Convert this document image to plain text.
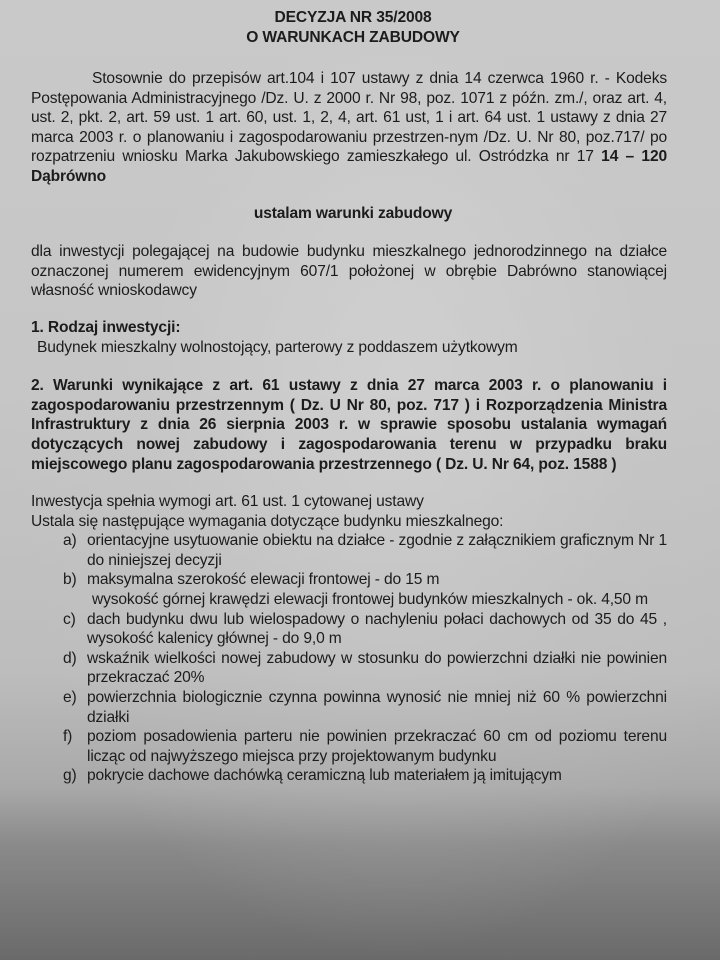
DECYZJA NR 35/2008
O WARUNKACH ZABUDOWY
Stosownie do przepisów art.104 i 107 ustawy z dnia 14 czerwca 1960 r. - Kodeks Postępowania Administracyjnego /Dz. U. z 2000 r. Nr 98, poz. 1071 z późn. zm./, oraz art. 4, ust. 2, pkt. 2, art. 59 ust. 1 art. 60, ust. 1, 2, 4, art. 61 ust, 1 i art. 64 ust. 1 ustawy z dnia 27 marca 2003 r. o planowaniu i zagospodarowaniu przestrzen-nym /Dz. U. Nr 80, poz.717/ po rozpatrzeniu wniosku Marka Jakubowskiego zamieszkałego ul. Ostródzka nr 17 14 – 120 Dąbrówno
ustalam warunki zabudowy
dla inwestycji polegającej na budowie budynku mieszkalnego jednorodzinnego na działce oznaczonej numerem ewidencyjnym 607/1 położonej w obrębie Dabrówno stanowiącej własność wnioskodawcy
1. Rodzaj inwestycji:
Budynek mieszkalny wolnostojący, parterowy z poddaszem użytkowym
2. Warunki wynikające z art. 61 ustawy z dnia 27 marca 2003 r. o planowaniu i zagospodarowaniu przestrzennym ( Dz. U Nr 80, poz. 717 ) i Rozporządzenia Ministra Infrastruktury z dnia 26 sierpnia 2003 r. w sprawie sposobu ustalania wymagań dotyczących nowej zabudowy i zagospodarowania terenu w przypadku braku miejscowego planu zagospodarowania przestrzennego ( Dz. U. Nr 64, poz. 1588 )
Inwestycja spełnia wymogi art. 61 ust. 1 cytowanej ustawy
Ustala się następujące wymagania dotyczące budynku mieszkalnego:
a) orientacyjne usytuowanie obiektu na działce - zgodnie z załącznikiem graficznym Nr 1 do niniejszej decyzji
b) maksymalna szerokość elewacji frontowej - do 15 m
wysokość górnej krawędzi elewacji frontowej budynków mieszkalnych - ok. 4,50 m
c) dach budynku dwu lub wielospadowy o nachyleniu połaci dachowych od 35 do 45 , wysokość kalenicy głównej - do 9,0 m
d) wskaźnik wielkości nowej zabudowy w stosunku do powierzchni działki nie powinien przekraczać 20%
e) powierzchnia biologicznie czynna powinna wynosić nie mniej niż 60 % powierzchni działki
f) poziom posadowienia parteru nie powinien przekraczać 60 cm od poziomu terenu licząc od najwyższego miejsca przy projektowanym budynku
g) pokrycie dachowe dachówką ceramiczną lub materiałem ją imitującym
